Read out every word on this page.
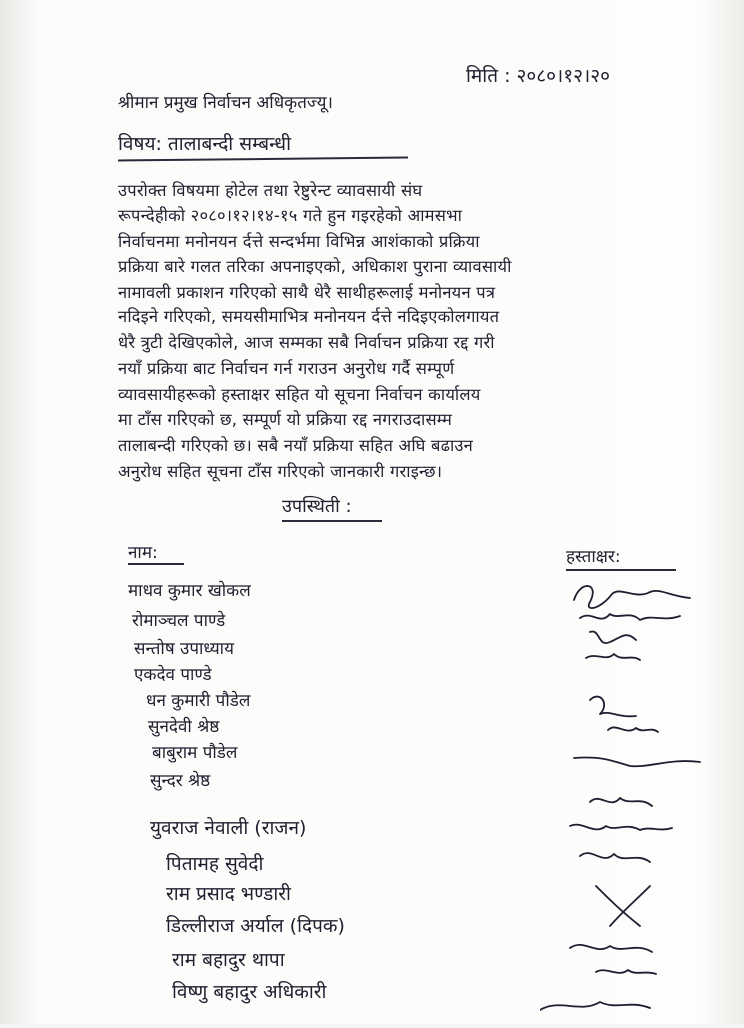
मिति : २०८०।१२।२०
श्रीमान प्रमुख निर्वाचन अधिकृतज्यू।
विषय: तालाबन्दी सम्बन्धी
उपरोक्त विषयमा होटेल तथा रेष्टुरेन्ट व्यावसायी संघ
रूपन्देहीको २०८०।१२।१४-१५ गते हुन गइरहेको आमसभा
निर्वाचनमा मनोनयन र्दत्ते सन्दर्भमा विभिन्न आशंकाको प्रक्रिया
प्रक्रिया बारे गलत तरिका अपनाइएको, अधिकाश पुराना व्यावसायी
नामावली प्रकाशन गरिएको साथै धेरै साथीहरूलाई मनोनयन पत्र
नदिइने गरिएको, समयसीमाभित्र मनोनयन र्दत्ते नदिइएकोलगायत
धेरै त्रुटी देखिएकोले, आज सम्मका सबै निर्वाचन प्रक्रिया रद्द गरी
नयाँ प्रक्रिया बाट निर्वाचन गर्न गराउन अनुरोध गर्दै सम्पूर्ण
व्यावसायीहरूको हस्ताक्षर सहित यो सूचना निर्वाचन कार्यालय
मा टाँस गरिएको छ, सम्पूर्ण यो प्रक्रिया रद्द नगराउदासम्म
तालाबन्दी गरिएको छ। सबै नयाँ प्रक्रिया सहित अघि बढाउन
अनुरोध सहित सूचना टाँस गरिएको जानकारी गराइन्छ।
उपस्थिती :
नाम:	हस्ताक्षर:
माधव कुमार खोकल
रोमाञ्चल पाण्डे
सन्तोष उपाध्याय
एकदेव पाण्डे
धन कुमारी पौडेल
सुनदेवी श्रेष्ठ
बाबुराम पौडेल
सुन्दर श्रेष्ठ
युवराज नेवाली (राजन)
पितामह सुवेदी
राम प्रसाद भण्डारी
डिल्लीराज अर्याल (दिपक)
राम बहादुर थापा
विष्णु बहादुर अधिकारी
